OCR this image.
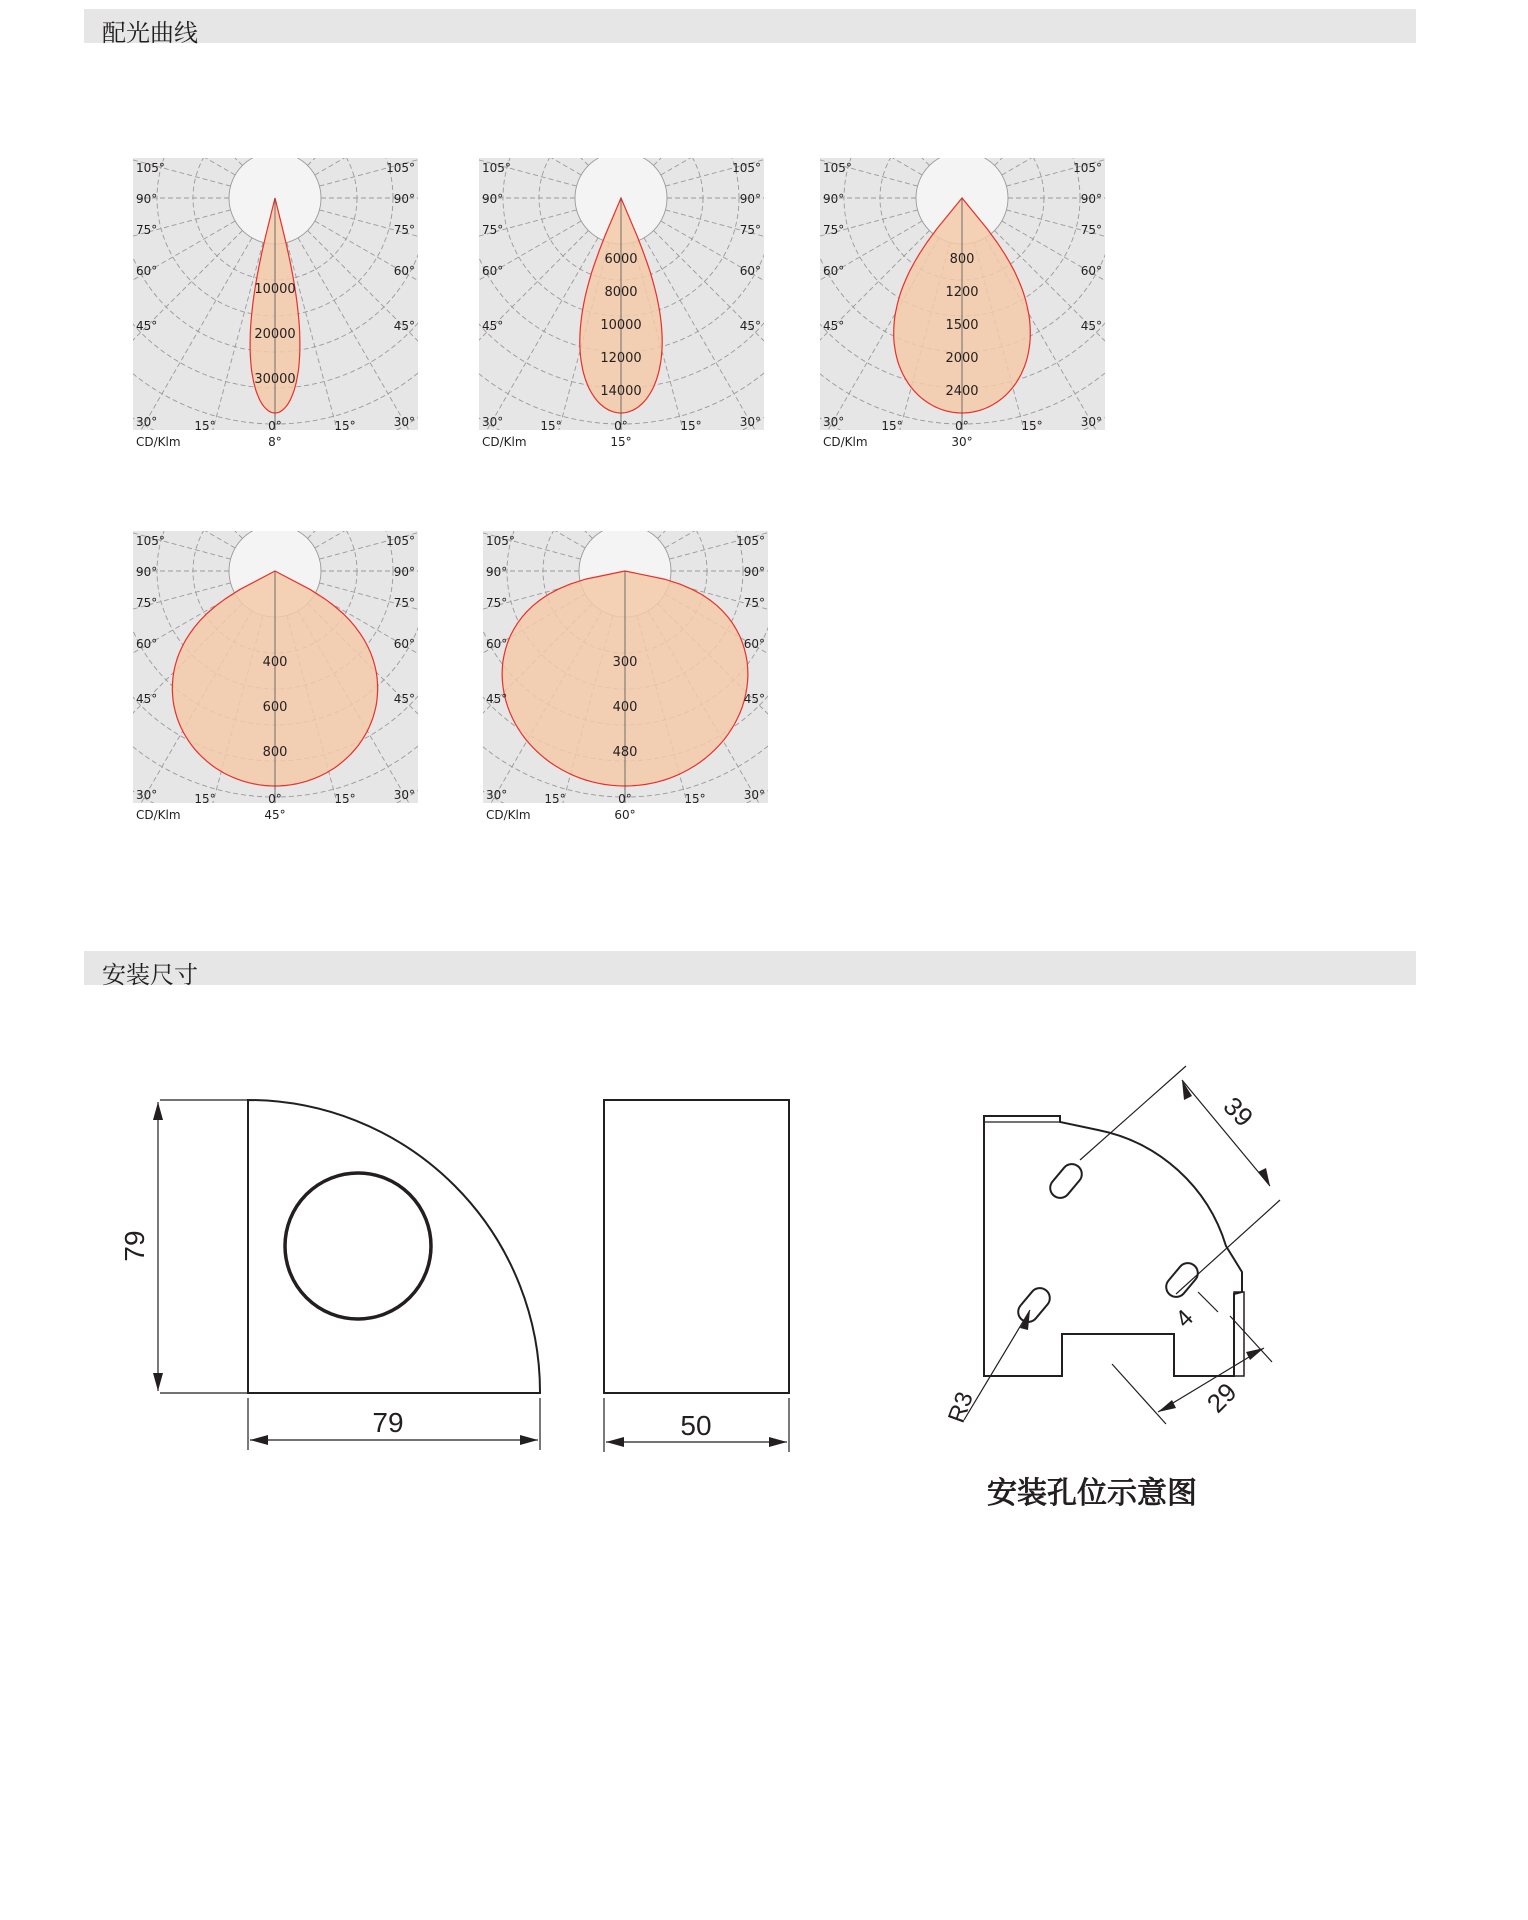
配光曲线
10000
20000
30000
105°	105°
90°	90°
75°	75°
60°	60°
45°	45°
30°	30°
15°	15°
0°
CD/Klm	8°
6000
8000
10000
12000
14000
105°	105°
90°	90°
75°	75°
60°	60°
45°	45°
30°	30°
15°	15°
0°
CD/Klm	15°
800
1200
1500
2000
2400
105°	105°
90°	90°
75°	75°
60°	60°
45°	45°
30°	30°
15°	15°
0°
CD/Klm	30°
400
600
800
105°	105°
90°	90°
75°	75°
60°	60°
45°	45°
30°	30°
15°	15°
0°
CD/Klm	45°
300
400
480
105°	105°
90°	90°
75°	75°
60°	60°
45°	45°
30°	30°
15°	15°
0°
CD/Klm	60°
安装尺寸
79
79	50
39
29
4
R3
安装孔位示意图
